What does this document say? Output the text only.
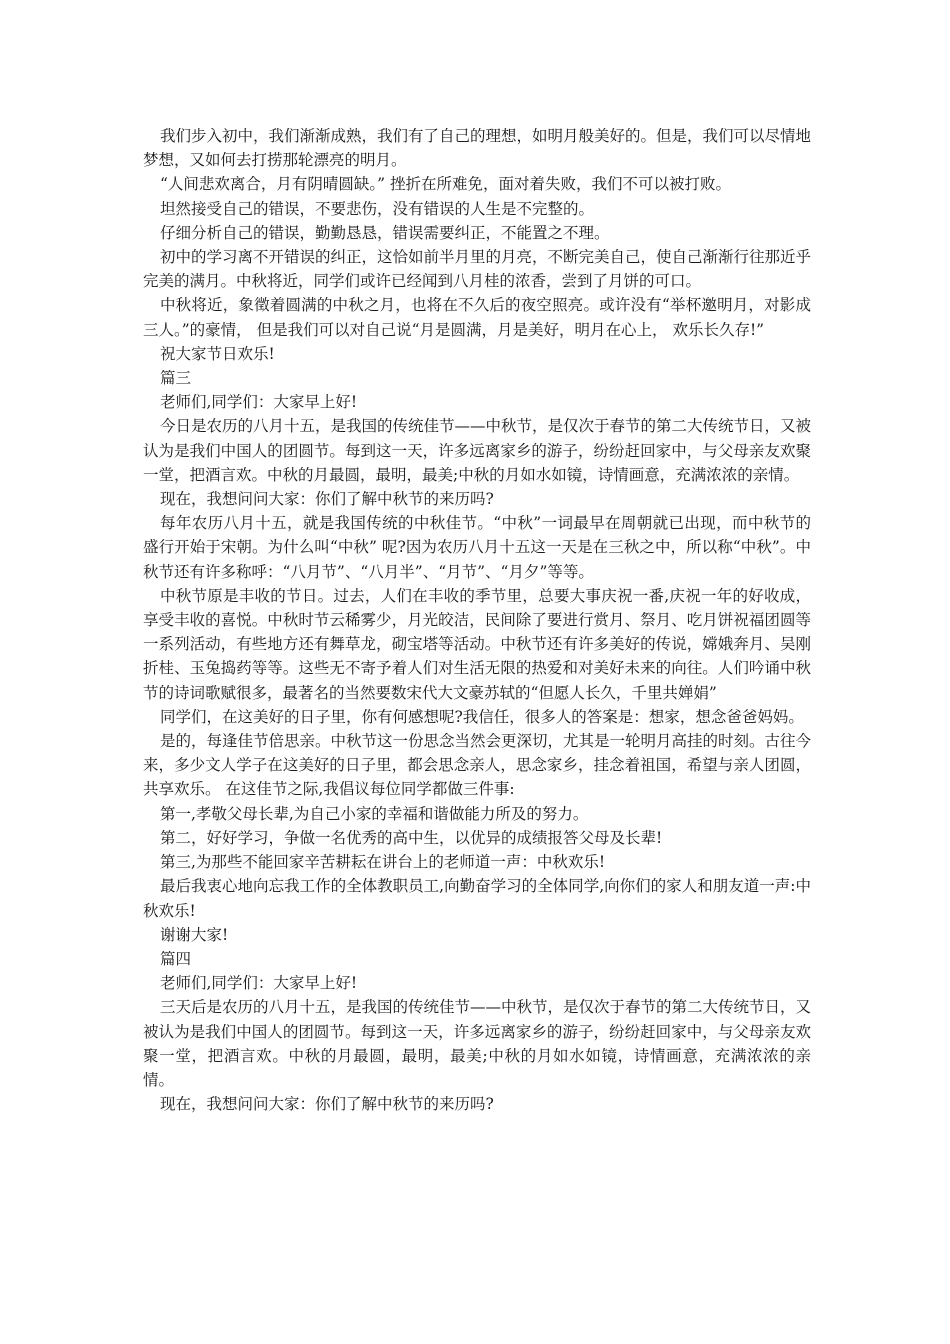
我们步入初中，我们渐渐成熟，我们有了自己的理想，如明月般美好的。但是，我们可以尽情地梦想，又如何去打捞那轮漂亮的明月。

“人间悲欢离合，月有阴晴圆缺。” 挫折在所难免，面对着失败，我们不可以被打败。

坦然接受自己的错误，不要悲伤，没有错误的人生是不完整的。

仔细分析自己的错误，勤勤恳恳，错误需要纠正，不能置之不理。

初中的学习离不开错误的纠正，这恰如前半月里的月亮，不断完美自己，使自己渐渐行往那近乎完美的满月。中秋将近，同学们或许已经闻到八月桂的浓香，尝到了月饼的可口。

中秋将近，象徵着圆满的中秋之月，也将在不久后的夜空照亮。或许没有“举杯邀明月，对影成三人。”的豪情， 但是我们可以对自己说“月是圆满，月是美好，明月在心上， 欢乐长久存!”

祝大家节日欢乐!

篇三

老师们,同学们：大家早上好!

今日是农历的八月十五，是我国的传统佳节——中秋节，是仅次于春节的第二大传统节日，又被认为是我们中国人的团圆节。每到这一天，许多远离家乡的游子，纷纷赶回家中，与父母亲友欢聚一堂，把酒言欢。中秋的月最圆，最明，最美;中秋的月如水如镜，诗情画意，充满浓浓的亲情。

现在，我想问问大家：你们了解中秋节的来历吗?

每年农历八月十五，就是我国传统的中秋佳节。“中秋”一词最早在周朝就已出现，而中秋节的盛行开始于宋朝。为什么叫“中秋” 呢?因为农历八月十五这一天是在三秋之中，所以称“中秋”。中秋节还有许多称呼：“八月节”、“八月半”、“月节”、“月夕”等等。

中秋节原是丰收的节日。过去，人们在丰收的季节里，总要大事庆祝一番,庆祝一年的好收成，享受丰收的喜悦。中秋时节云稀雾少，月光皎洁，民间除了要进行赏月、祭月、吃月饼祝福团圆等一系列活动，有些地方还有舞草龙，砌宝塔等活动。中秋节还有许多美好的传说，嫦娥奔月、吴刚折桂、玉兔捣药等等。这些无不寄予着人们对生活无限的热爱和对美好未来的向往。人们吟诵中秋节的诗词歌赋很多，最著名的当然要数宋代大文豪苏轼的“但愿人长久，千里共婵娟”

同学们，在这美好的日子里，你有何感想呢?我信任，很多人的答案是：想家，想念爸爸妈妈。

是的，每逢佳节倍思亲。中秋节这一份思念当然会更深切，尤其是一轮明月高挂的时刻。古往今来，多少文人学子在这美好的日子里，都会思念亲人，思念家乡，挂念着祖国，希望与亲人团圆，共享欢乐。 在这佳节之际,我倡议每位同学都做三件事:

第一,孝敬父母长辈,为自己小家的幸福和谐做能力所及的努力。

第二，好好学习，争做一名优秀的高中生，以优异的成绩报答父母及长辈!

第三,为那些不能回家辛苦耕耘在讲台上的老师道一声：中秋欢乐!

最后我衷心地向忘我工作的全体教职员工,向勤奋学习的全体同学,向你们的家人和朋友道一声:中秋欢乐!

谢谢大家!

篇四

老师们,同学们：大家早上好!

三天后是农历的八月十五，是我国的传统佳节——中秋节，是仅次于春节的第二大传统节日，又被认为是我们中国人的团圆节。每到这一天，许多远离家乡的游子，纷纷赶回家中，与父母亲友欢聚一堂，把酒言欢。中秋的月最圆，最明，最美;中秋的月如水如镜，诗情画意，充满浓浓的亲情。

现在，我想问问大家：你们了解中秋节的来历吗?
